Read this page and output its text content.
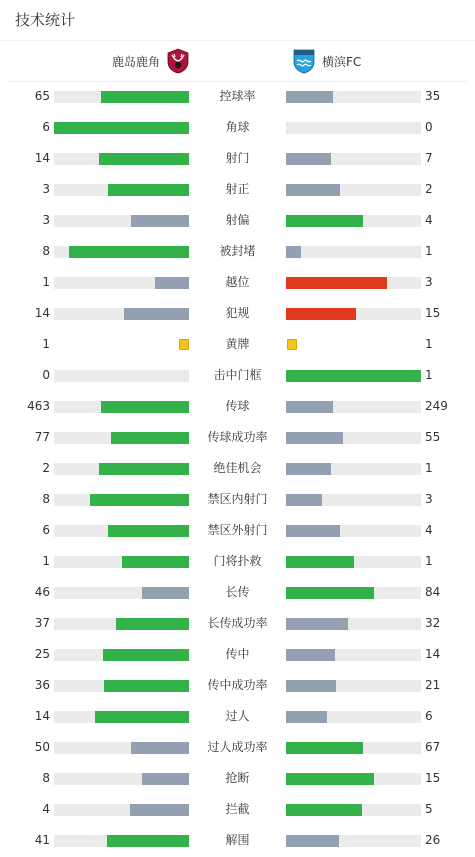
技术统计
鹿岛鹿角	横滨FC
65	控球率	35
6	角球	0
14	射门	7
3	射正	2
3	射偏	4
8	被封堵	1
1	越位	3
14	犯规	15
1	黄牌	1
0	击中门框	1
463	传球	249
77	传球成功率	55
2	绝佳机会	1
8	禁区内射门	3
6	禁区外射门	4
1	门将扑救	1
46	长传	84
37	长传成功率	32
25	传中	14
36	传中成功率	21
14	过人	6
50	过人成功率	67
8	抢断	15
4	拦截	5
41	解围	26
